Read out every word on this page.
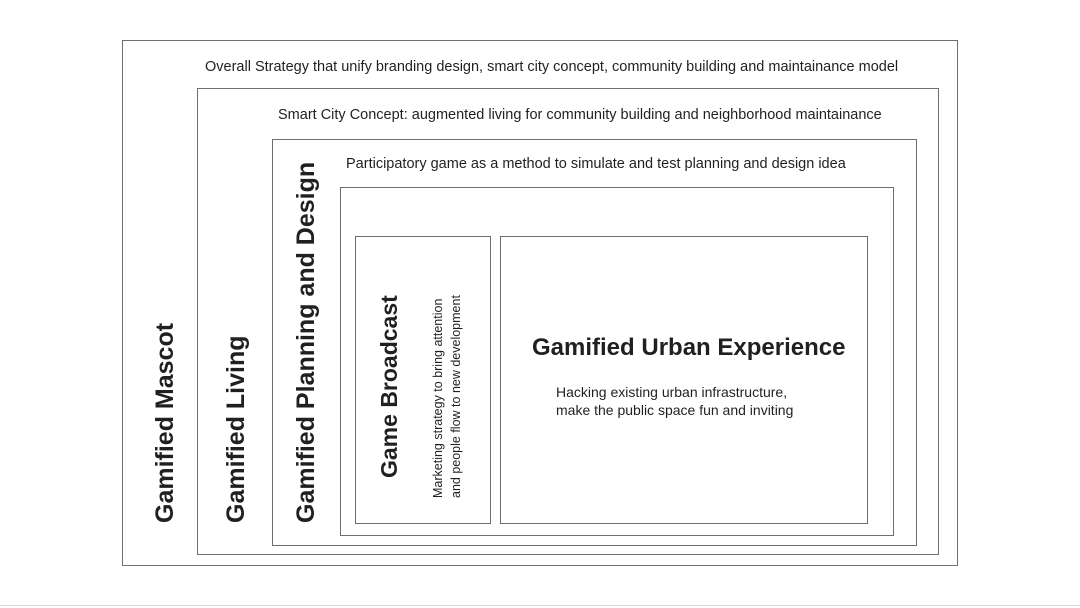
Overall Strategy that unify branding design, smart city concept, community building and maintainance model
Gamified Mascot
Smart City Concept: augmented living for community building and neighborhood maintainance
Gamified Living
Participatory game as a method to simulate and test planning and design idea
Gamified Planning and Design Game Broadcast Marketing strategy to bring attention and people flow to new development	Gamified Urban Experience
Hacking existing urban infrastructure,
make the public space fun and inviting
